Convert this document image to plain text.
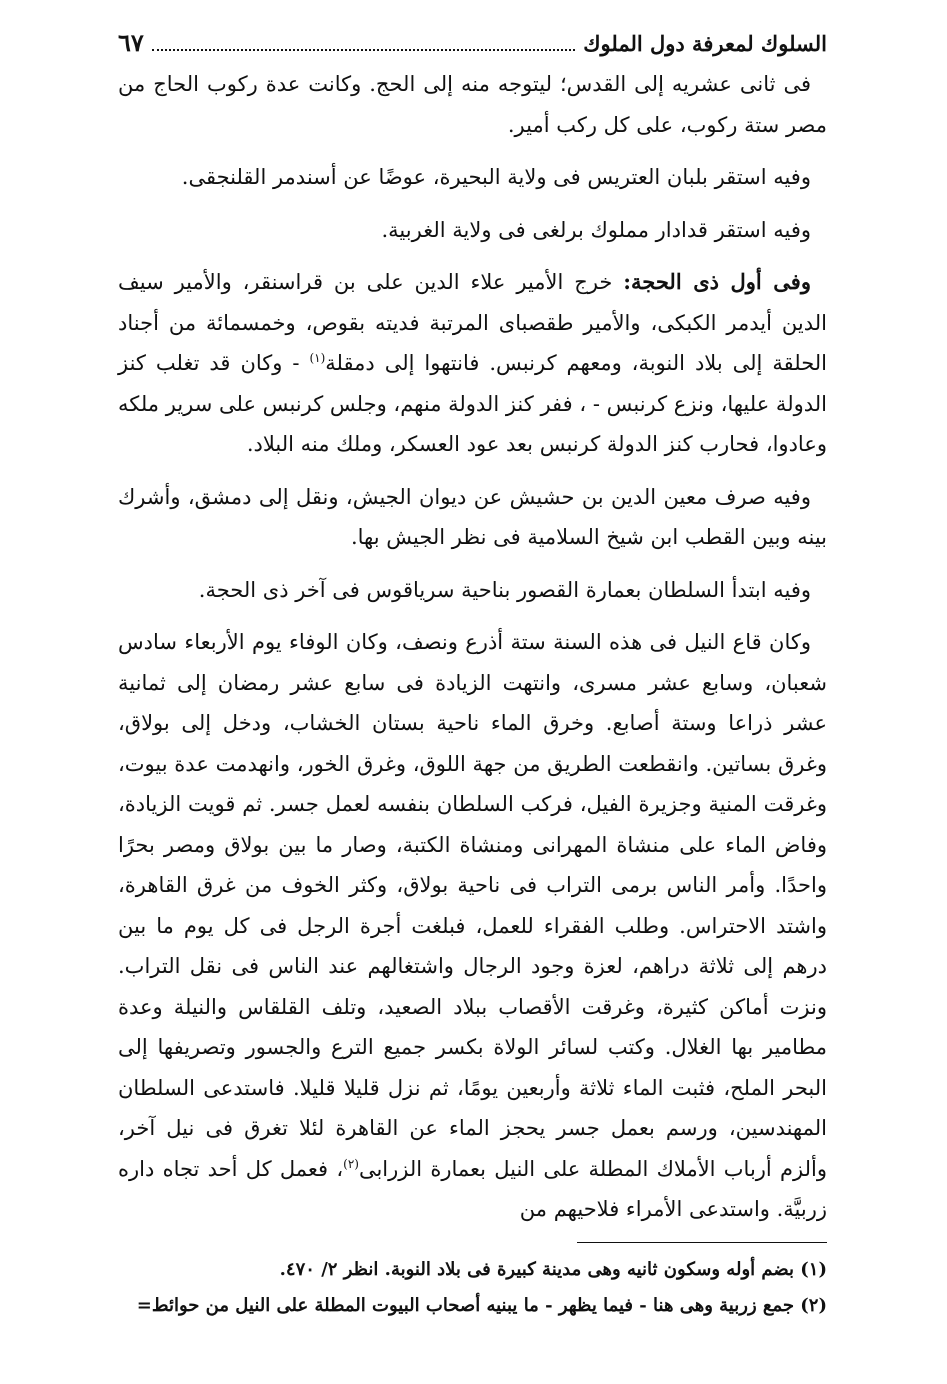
السلوك لمعرفة دول الملوك
٦٧

فى ثانى عشريه إلى القدس؛ ليتوجه منه إلى الحج. وكانت عدة ركوب الحاج من مصر ستة ركوب، على كل ركب أمير.

وفيه استقر بلبان العتريس فى ولاية البحيرة، عوضًا عن أسندمر القلنجقى.

وفيه استقر قدادار مملوك برلغى فى ولاية الغربية.

وفى أول ذى الحجة: خرج الأمير علاء الدين على بن قراسنقر، والأمير سيف الدين أيدمر الكبكى، والأمير طقصباى المرتبة فديته بقوص، وخمسمائة من أجناد الحلقة إلى بلاد النوبة، ومعهم كرنبس. فانتهوا إلى دمقلة$^{(١)}$ - وكان قد تغلب كنز الدولة عليها، ونزع كرنبس - ، ففر كنز الدولة منهم، وجلس كرنبس على سرير ملكه وعادوا، فحارب كنز الدولة كرنبس بعد عود العسكر، وملك منه البلاد.

وفيه صرف معين الدين بن حشيش عن ديوان الجيش، ونقل إلى دمشق، وأشرك بينه وبين القطب ابن شيخ السلامية فى نظر الجيش بها.

وفيه ابتدأ السلطان بعمارة القصور بناحية سرياقوس فى آخر ذى الحجة.

وكان قاع النيل فى هذه السنة ستة أذرع ونصف، وكان الوفاء يوم الأربعاء سادس شعبان، وسابع عشر مسرى، وانتهت الزيادة فى سابع عشر رمضان إلى ثمانية عشر ذراعا وستة أصابع. وخرق الماء ناحية بستان الخشاب، ودخل إلى بولاق، وغرق بساتين. وانقطعت الطريق من جهة اللوق، وغرق الخور، وانهدمت عدة بيوت، وغرقت المنية وجزيرة الفيل، فركب السلطان بنفسه لعمل جسر. ثم قويت الزيادة، وفاض الماء على منشاة المهرانى ومنشاة الكتبة، وصار ما بين بولاق ومصر بحرًا واحدًا. وأمر الناس برمى التراب فى ناحية بولاق، وكثر الخوف من غرق القاهرة، واشتد الاحتراس. وطلب الفقراء للعمل، فبلغت أجرة الرجل فى كل يوم ما بين درهم إلى ثلاثة دراهم، لعزة وجود الرجال واشتغالهم عند الناس فى نقل التراب. ونزت أماكن كثيرة، وغرقت الأقصاب ببلاد الصعيد، وتلف القلقاس والنيلة وعدة مطامير بها الغلال. وكتب لسائر الولاة بكسر جميع الترع والجسور وتصريفها إلى البحر الملح، فثبت الماء ثلاثة وأربعين يومًا، ثم نزل قليلا قليلا. فاستدعى السلطان المهندسين، ورسم بعمل جسر يحجز الماء عن القاهرة لئلا تغرق فى نيل آخر، وألزم أرباب الأملاك المطلة على النيل بعمارة الزرابى$^{(٢)}$، فعمل كل أحد تجاه داره زربيَّة. واستدعى الأمراء فلاحيهم من

(١) بضم أوله وسكون ثانيه وهى مدينة كبيرة فى بلاد النوبة. انظر ٢/ ٤٧٠.
(٢) جمع زربية وهى هنا - فيما يظهر - ما يبنيه أصحاب البيوت المطلة على النيل من حوائط=
